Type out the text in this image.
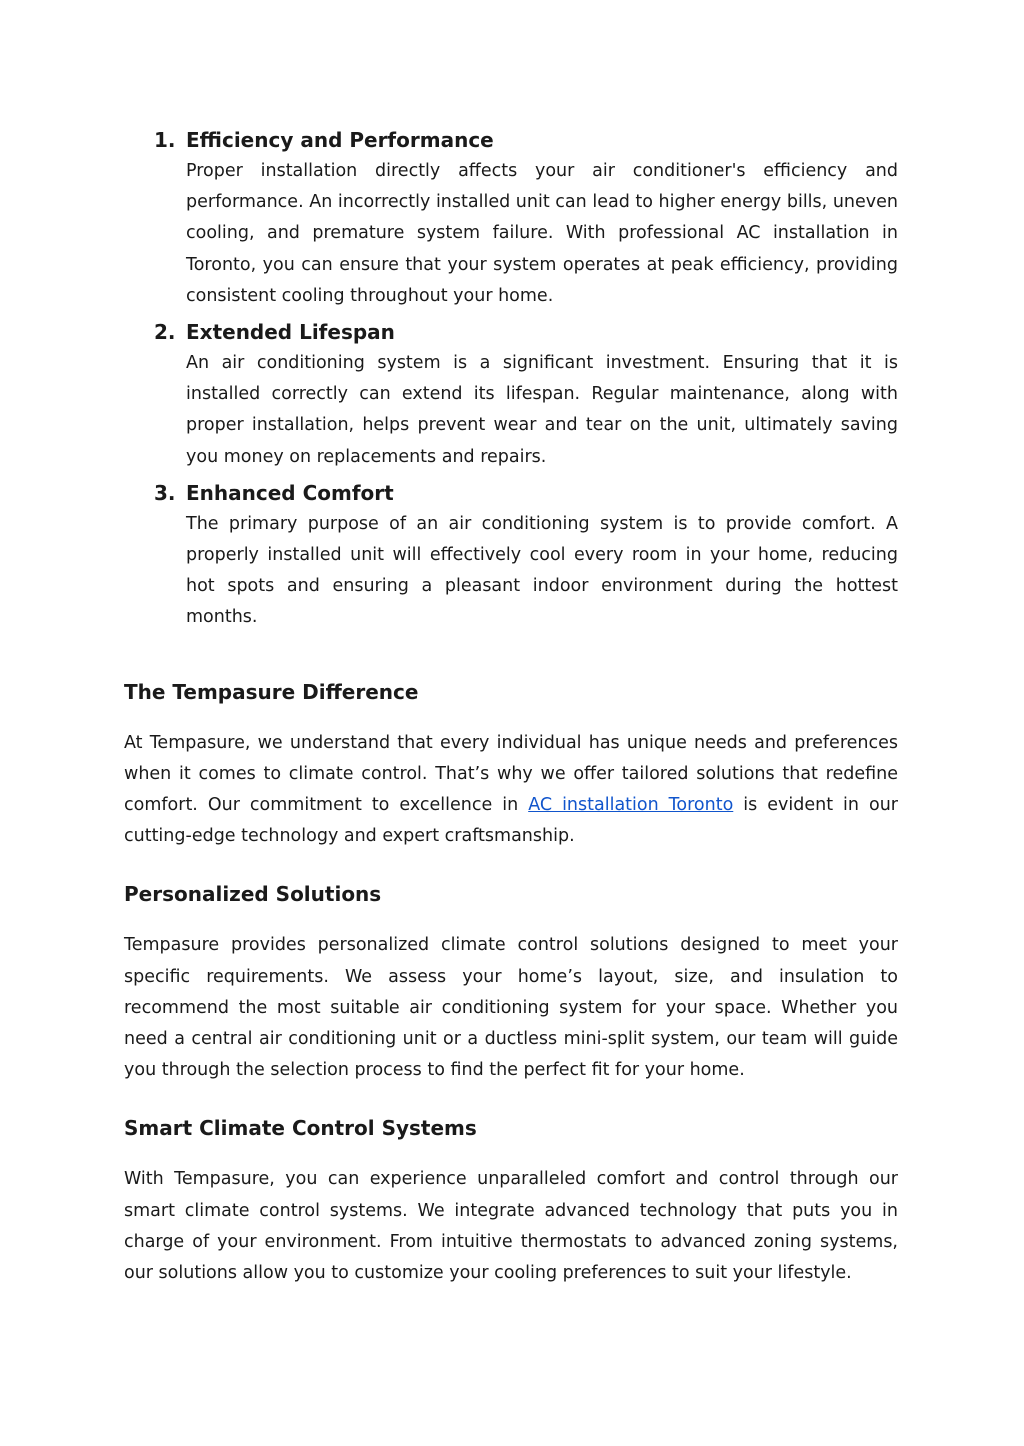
1. Efficiency and Performance

Proper installation directly affects your air conditioner's efficiency and performance. An incorrectly installed unit can lead to higher energy bills, uneven cooling, and premature system failure. With professional AC installation in Toronto, you can ensure that your system operates at peak efficiency, providing consistent cooling throughout your home.

2. Extended Lifespan

An air conditioning system is a significant investment. Ensuring that it is installed correctly can extend its lifespan. Regular maintenance, along with proper installation, helps prevent wear and tear on the unit, ultimately saving you money on replacements and repairs.

3. Enhanced Comfort

The primary purpose of an air conditioning system is to provide comfort. A properly installed unit will effectively cool every room in your home, reducing hot spots and ensuring a pleasant indoor environment during the hottest months.

The Tempasure Difference

At Tempasure, we understand that every individual has unique needs and preferences when it comes to climate control. That’s why we offer tailored solutions that redefine comfort. Our commitment to excellence in AC installation Toronto is evident in our cutting-edge technology and expert craftsmanship.

Personalized Solutions

Tempasure provides personalized climate control solutions designed to meet your specific requirements. We assess your home’s layout, size, and insulation to recommend the most suitable air conditioning system for your space. Whether you need a central air conditioning unit or a ductless mini-split system, our team will guide you through the selection process to find the perfect fit for your home.

Smart Climate Control Systems

With Tempasure, you can experience unparalleled comfort and control through our smart climate control systems. We integrate advanced technology that puts you in charge of your environment. From intuitive thermostats to advanced zoning systems, our solutions allow you to customize your cooling preferences to suit your lifestyle.
